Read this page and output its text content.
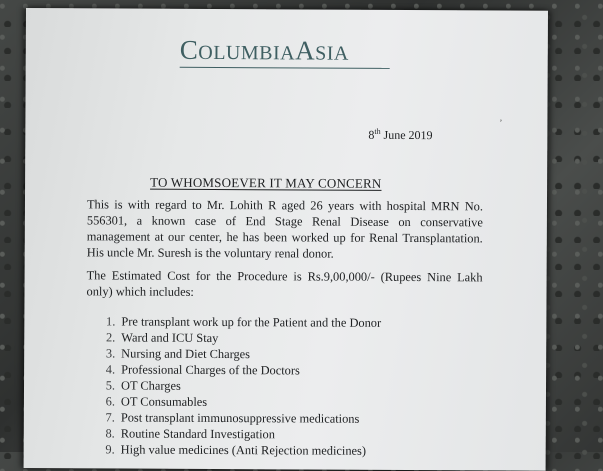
COLUMBIAASIA
ʼ
8th June 2019
TO WHOMSOEVER IT MAY CONCERN

This is with regard to Mr. Lohith R aged 26 years with hospital MRN No. 556301, a known case of End Stage Renal Disease on conservative management at our center, he has been worked up for Renal Transplantation. His uncle Mr. Suresh is the voluntary renal donor.

The Estimated Cost for the Procedure is Rs.9,00,000/- (Rupees Nine Lakh only) which includes:

1. Pre transplant work up for the Patient and the Donor
2. Ward and ICU Stay
3. Nursing and Diet Charges
4. Professional Charges of the Doctors
5. OT Charges
6. OT Consumables
7. Post transplant immunosuppressive medications
8. Routine Standard Investigation
9. High value medicines (Anti Rejection medicines)
